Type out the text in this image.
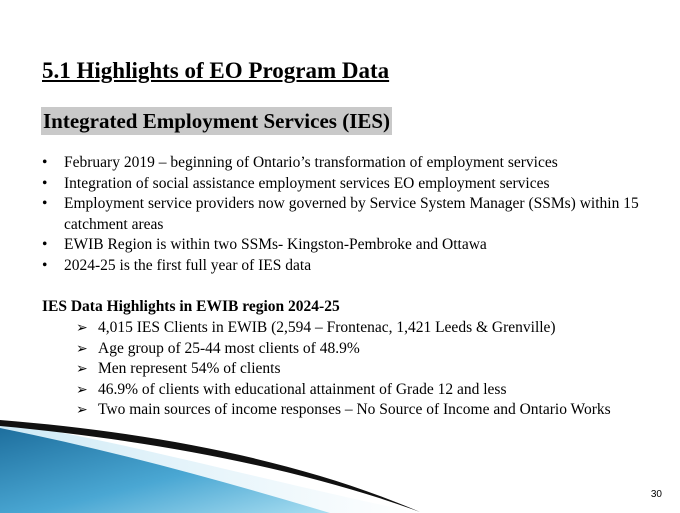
5.1 Highlights of EO Program Data
Integrated Employment Services (IES)
• February 2019 – beginning of Ontario’s transformation of employment services
• Integration of social assistance employment services EO employment services
• Employment service providers now governed by Service System Manager (SSMs) within 15 catchment areas
• EWIB Region is within two SSMs- Kingston-Pembroke and Ottawa
• 2024-25 is the first full year of IES data

IES Data Highlights in EWIB region 2024-25

➢ 4,015 IES Clients in EWIB (2,594 – Frontenac, 1,421 Leeds & Grenville)
➢ Age group of 25-44 most clients of 48.9%
➢ Men represent 54% of clients
➢ 46.9% of clients with educational attainment of Grade 12 and less
➢ Two main sources of income responses – No Source of Income and Ontario Works
30
